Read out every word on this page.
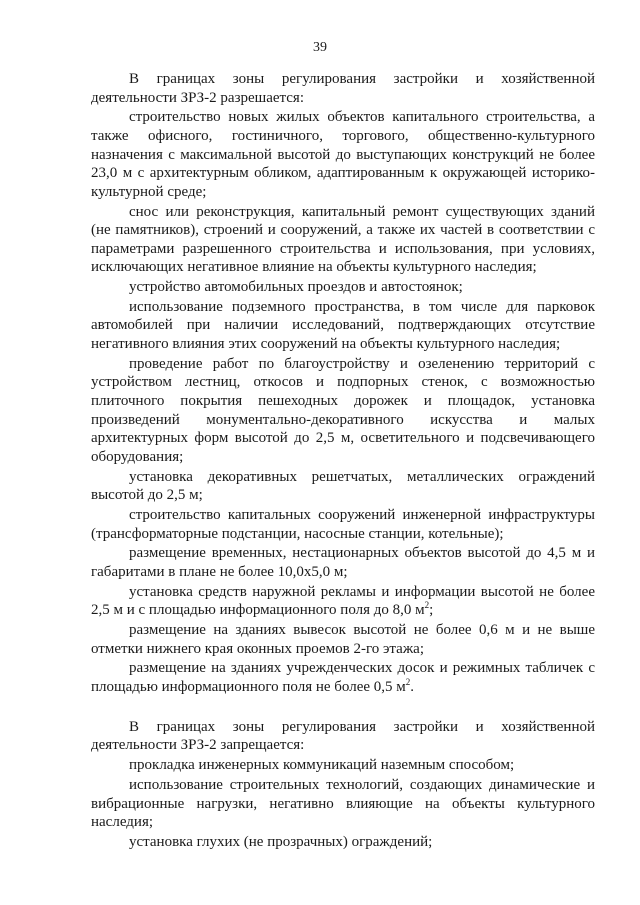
39

В границах зоны регулирования застройки и хозяйственной деятельности ЗРЗ-2 разрешается:

строительство новых жилых объектов капитального строительства, а также офисного, гостиничного, торгового, общественно-культурного назначения с максимальной высотой до выступающих конструкций не более 23,0 м с архитектурным обликом, адаптированным к окружающей историко-культурной среде;

снос или реконструкция, капитальный ремонт существующих зданий (не памятников), строений и сооружений, а также их частей в соответствии с параметрами разрешенного строительства и использования, при условиях, исключающих негативное влияние на объекты культурного наследия;

устройство автомобильных проездов и автостоянок;

использование подземного пространства, в том числе для парковок автомобилей при наличии исследований, подтверждающих отсутствие негативного влияния этих сооружений на объекты культурного наследия;

проведение работ по благоустройству и озеленению территорий с устройством лестниц, откосов и подпорных стенок, с возможностью плиточного покрытия пешеходных дорожек и площадок, установка произведений монументально-декоративного искусства и малых архитектурных форм высотой до 2,5 м, осветительного и подсвечивающего оборудования;

установка декоративных решетчатых, металлических ограждений высотой до 2,5 м;

строительство капитальных сооружений инженерной инфраструктуры (трансформаторные подстанции, насосные станции, котельные);

размещение временных, нестационарных объектов высотой до 4,5 м и габаритами в плане не более 10,0х5,0 м;

установка средств наружной рекламы и информации высотой не более 2,5 м и с площадью информационного поля до 8,0 $м^2$;

размещение на зданиях вывесок высотой не более 0,6 м и не выше отметки нижнего края оконных проемов 2-го этажа;

размещение на зданиях учрежденческих досок и режимных табличек с площадью информационного поля не более 0,5 $м^2$.

В границах зоны регулирования застройки и хозяйственной деятельности ЗРЗ-2 запрещается:

прокладка инженерных коммуникаций наземным способом;

использование строительных технологий, создающих динамические и вибрационные нагрузки, негативно влияющие на объекты культурного наследия;

установка глухих (не прозрачных) ограждений;
